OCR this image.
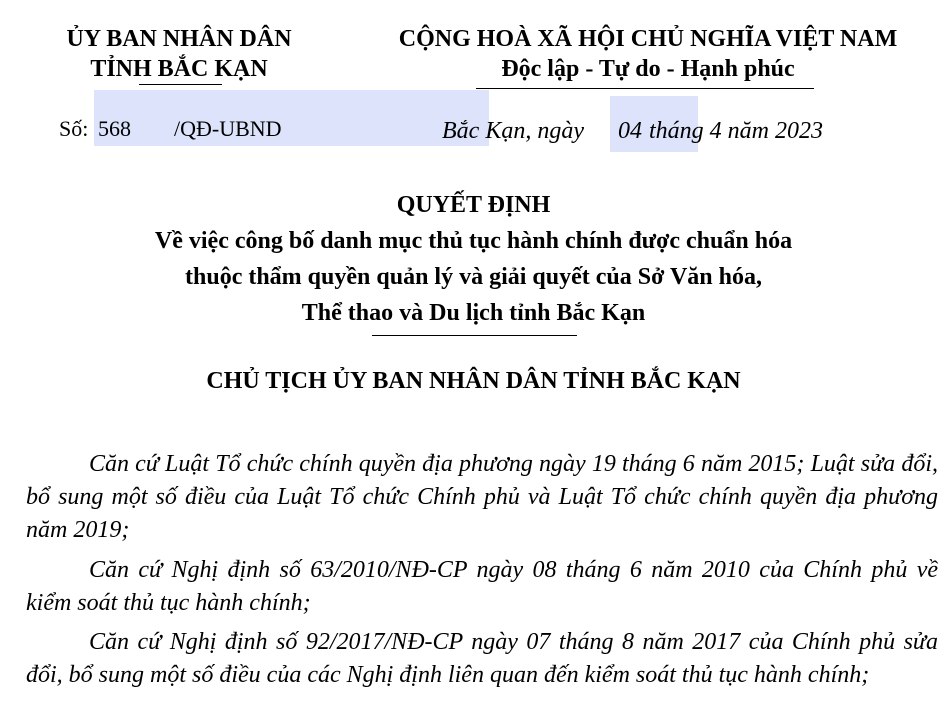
ỦY BAN NHÂN DÂN
TỈNH BẮC KẠN
CỘNG HOÀ XÃ HỘI CHỦ NGHĨA VIỆT NAM
Độc lập - Tự do - Hạnh phúc
Số: 568 /QĐ-UBND	Bắc Kạn, ngày 04 tháng 4 năm 2023
QUYẾT ĐỊNH
Về việc công bố danh mục thủ tục hành chính được chuẩn hóa
thuộc thẩm quyền quản lý và giải quyết của Sở Văn hóa,
Thể thao và Du lịch tỉnh Bắc Kạn
CHỦ TỊCH ỦY BAN NHÂN DÂN TỈNH BẮC KẠN
Căn cứ Luật Tổ chức chính quyền địa phương ngày 19 tháng 6 năm 2015; Luật sửa đổi, bổ sung một số điều của Luật Tổ chức Chính phủ và Luật Tổ chức chính quyền địa phương năm 2019;
Căn cứ Nghị định số 63/2010/NĐ-CP ngày 08 tháng 6 năm 2010 của Chính phủ về kiểm soát thủ tục hành chính;
Căn cứ Nghị định số 92/2017/NĐ-CP ngày 07 tháng 8 năm 2017 của Chính phủ sửa đổi, bổ sung một số điều của các Nghị định liên quan đến kiểm soát thủ tục hành chính;
